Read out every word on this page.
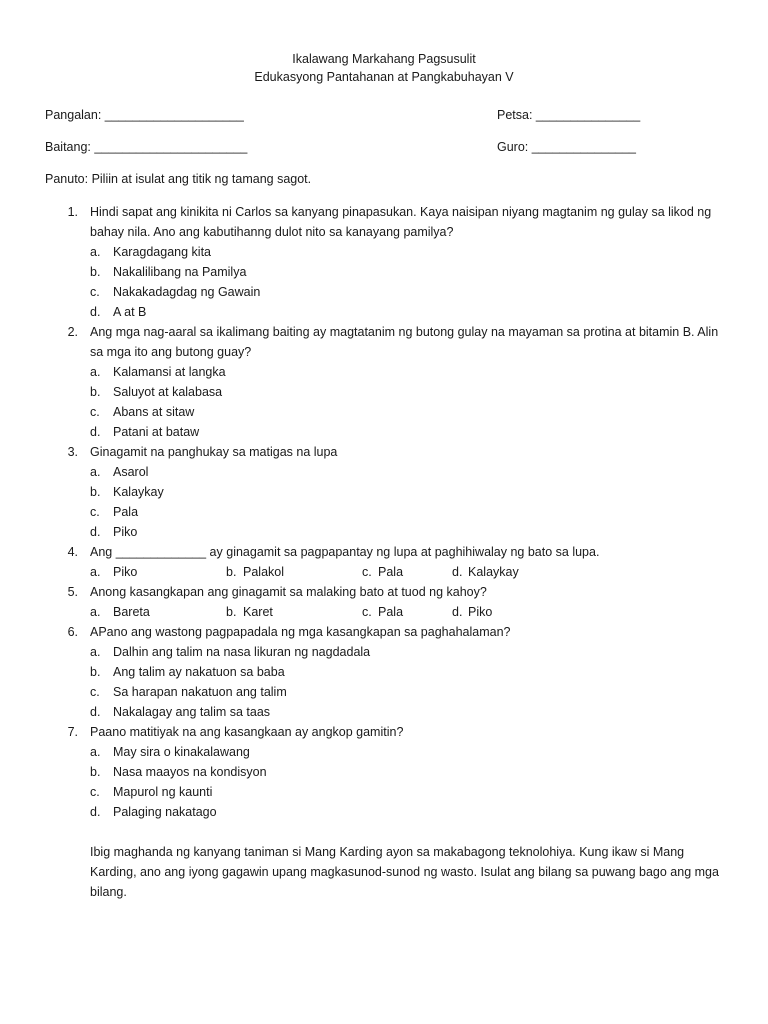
Ikalawang Markahang Pagsusulit
Edukasyong Pantahanan at Pangkabuhayan V
Pangalan: ____________________	Petsa: _______________
Baitang: ______________________	Guro: _______________
Panuto: Piliin at isulat ang titik ng tamang sagot.
1. Hindi sapat ang kinikita ni Carlos sa kanyang pinapasukan. Kaya naisipan niyang magtanim ng gulay sa likod ng bahay nila. Ano ang kabutihanng dulot nito sa kanayang pamilya?
a.	Karagdagang kita
b.	Nakalilibang na Pamilya
c.	Nakakadagdag ng Gawain
d.	A at B
2. Ang mga nag-aaral sa ikalimang baiting ay magtatanim ng butong gulay na mayaman sa protina at bitamin B. Alin sa mga ito ang butong guay?
a.	Kalamansi at langka
b.	Saluyot at kalabasa
c.	Abans at sitaw
d.	Patani at bataw
3. Ginagamit na panghukay sa matigas na lupa
a.	Asarol
b.	Kalaykay
c.	Pala
d.	Piko
4. Ang _____________ ay ginagamit sa pagpapantay ng lupa at paghihiwalay ng bato sa lupa.
a.	Piko	b. Palakol	c. Pala	d. Kalaykay
5. Anong kasangkapan ang ginagamit sa malaking bato at tuod ng kahoy?
a.	Bareta	b. Karet	c. Pala	d. Piko
6. APano ang wastong pagpapadala ng mga kasangkapan sa paghahalaman?
a.	Dalhin ang talim na nasa likuran ng nagdadala
b.	Ang talim ay nakatuon sa baba
c.	Sa harapan nakatuon ang talim
d.	Nakalagay ang talim sa taas
7. Paano matitiyak na ang kasangkaan ay angkop gamitin?
a.	May sira o kinakalawang
b.	Nasa maayos na kondisyon
c.	Mapurol ng kaunti
d.	Palaging nakatago
Ibig maghanda ng kanyang taniman si Mang Karding ayon sa makabagong teknolohiya. Kung ikaw si Mang Karding, ano ang iyong gagawin upang magkasunod-sunod ng wasto. Isulat ang bilang sa puwang bago ang mga bilang.
